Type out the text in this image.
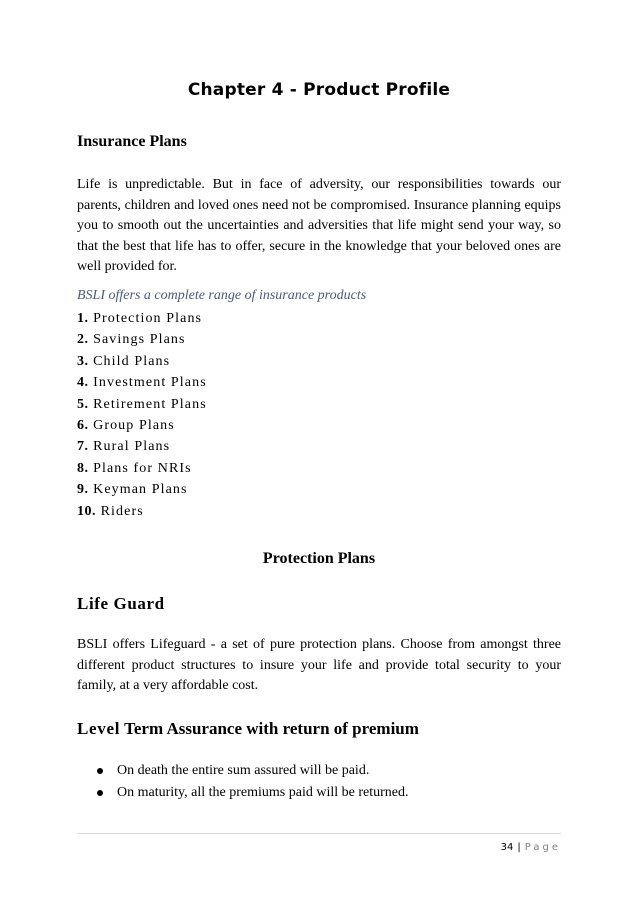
Chapter 4 - Product Profile
Insurance Plans

Life is unpredictable. But in face of adversity, our responsibilities towards our parents, children and loved ones need not be compromised. Insurance planning equips you to smooth out the uncertainties and adversities that life might send your way, so that the best that life has to offer, secure in the knowledge that your beloved ones are well provided for.

BSLI offers a complete range of insurance products
1. Protection Plans
2. Savings Plans
3. Child Plans
4. Investment Plans
5. Retirement Plans
6. Group Plans
7. Rural Plans
8. Plans for NRIs
9. Keyman Plans
10. Riders
Protection Plans
Life Guard

BSLI offers Lifeguard - a set of pure protection plans. Choose from amongst three different product structures to insure your life and provide total security to your family, at a very affordable cost.

Level Term Assurance with return of premium
On death the entire sum assured will be paid.
On maturity, all the premiums paid will be returned.
34 | Page
